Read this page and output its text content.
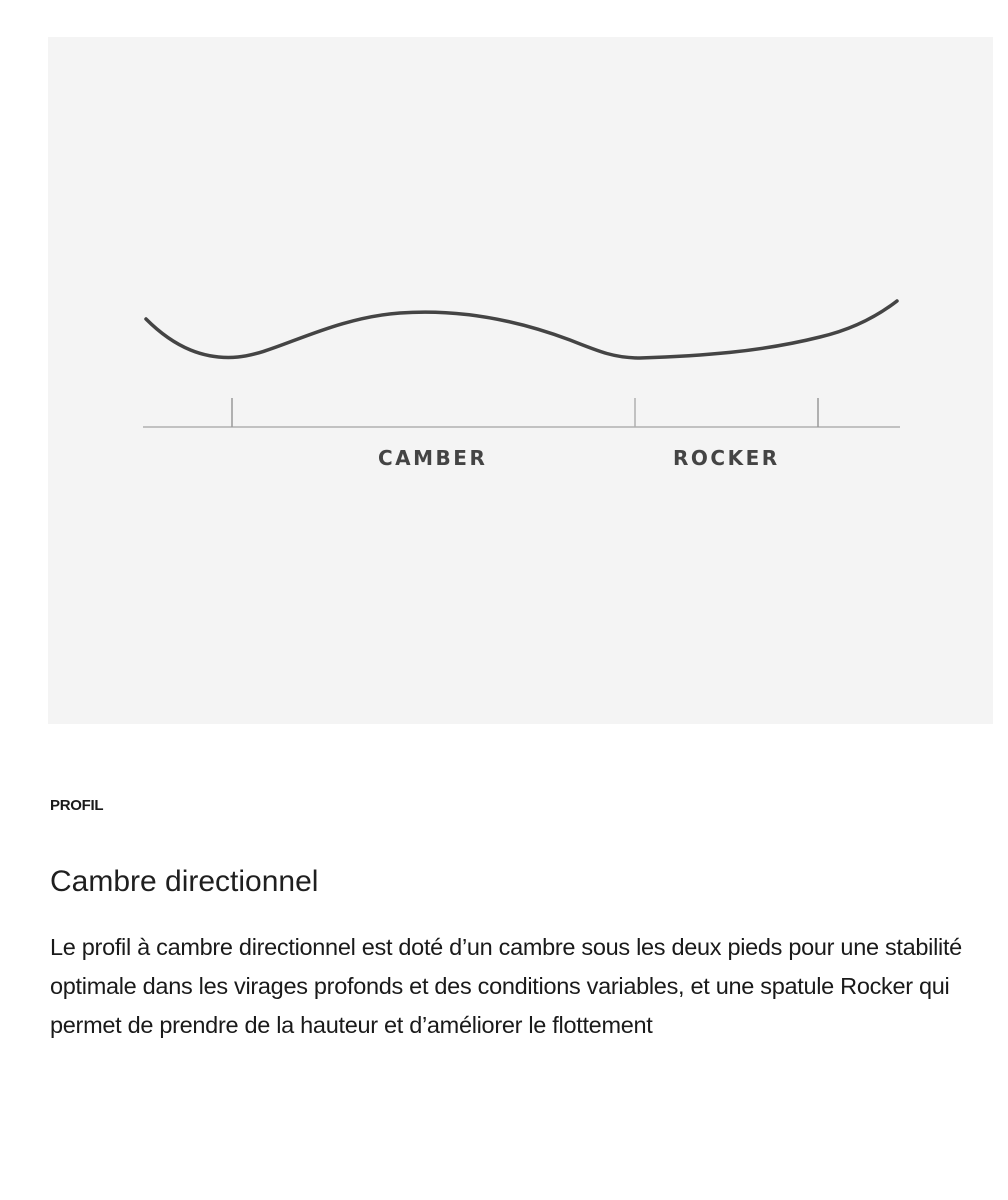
CAMBER	ROCKER
PROFIL
Cambre directionnel

Le profil à cambre directionnel est doté d’un cambre sous les deux pieds pour une stabilité optimale dans les virages profonds et des conditions variables, et une spatule Rocker qui permet de prendre de la hauteur et d’améliorer le flottement
